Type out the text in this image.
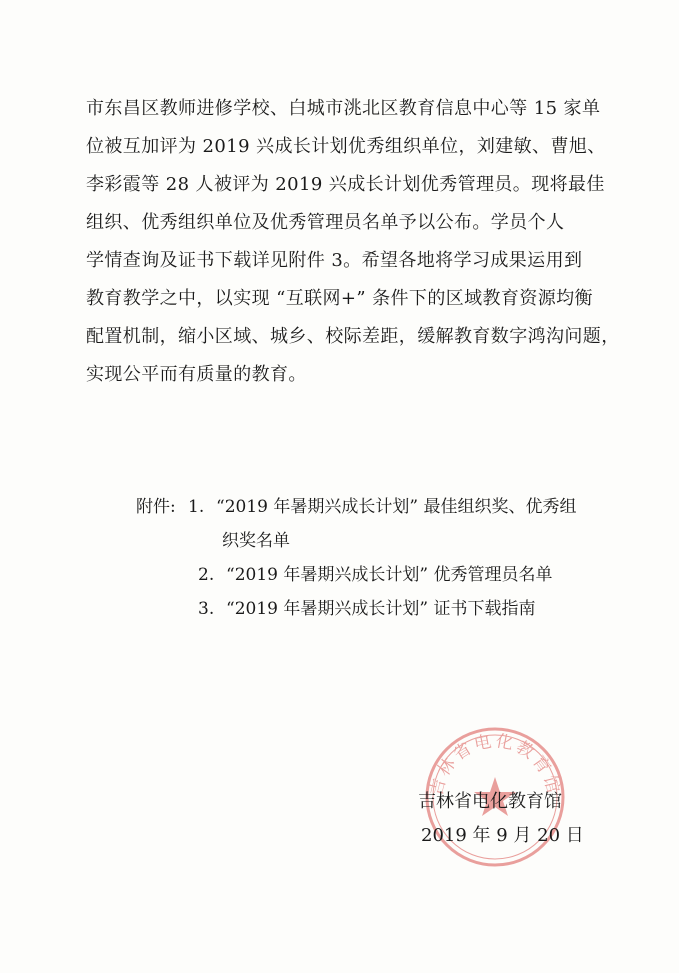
市东昌区教师进修学校、白城市洮北区教育信息中心等 15 家单
位被互加评为 2019 兴成长计划优秀组织单位，刘建敏、曹旭、
李彩霞等 28 人被评为 2019 兴成长计划优秀管理员。现将最佳
组织、优秀组织单位及优秀管理员名单予以公布。学员个人
学情查询及证书下载详见附件 3。希望各地将学习成果运用到
教育教学之中，以实现 “互联网+” 条件下的区域教育资源均衡
配置机制，缩小区域、城乡、校际差距，缓解教育数字鸿沟问题，
实现公平而有质量的教育。
附件: 1. “2019 年暑期兴成长计划” 最佳组织奖、优秀组
织奖名单
2. “2019 年暑期兴成长计划” 优秀管理员名单
3. “2019 年暑期兴成长计划” 证书下载指南
吉林省电化教育馆
吉林省电化教育馆
2019 年 9 月 20 日
